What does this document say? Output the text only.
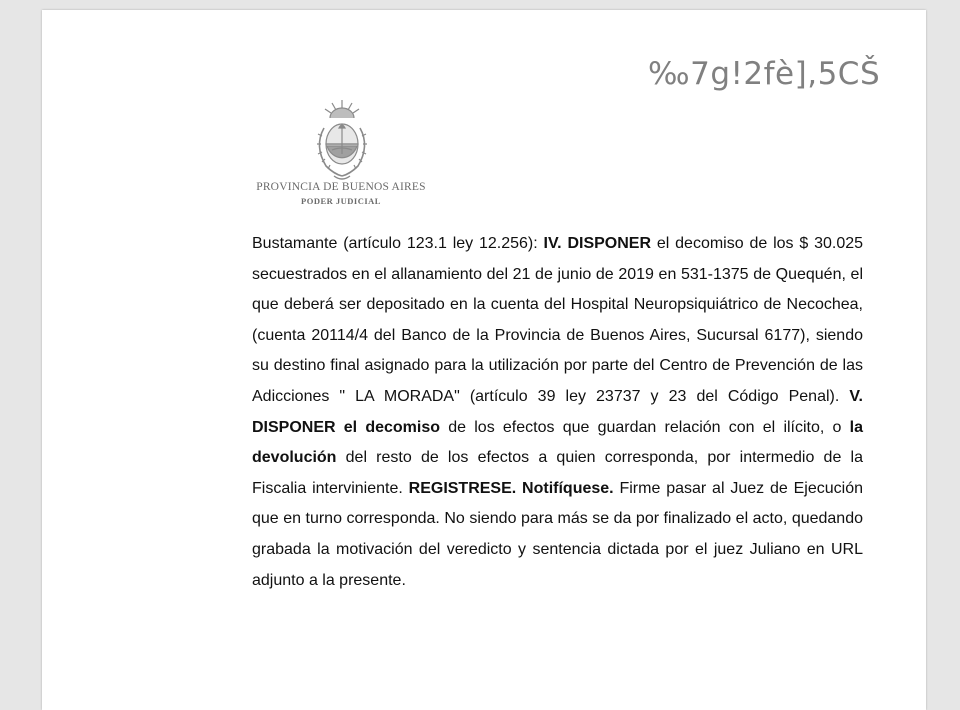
‰7g!2fè],5CŠ
PROVINCIA DE BUENOS AIRES
PODER JUDICIAL

Bustamante (artículo 123.1 ley 12.256): IV. DISPONER el decomiso de los $ 30.025 secuestrados en el allanamiento del 21 de junio de 2019 en 531-1375 de Quequén, el que deberá ser depositado en la cuenta del Hospital Neuropsiquiátrico de Necochea, (cuenta 20114/4 del Banco de la Provincia de Buenos Aires, Sucursal 6177), siendo su destino final asignado para la utilización por parte del Centro de Prevención de las Adicciones " LA MORADA" (artículo 39 ley 23737 y 23 del Código Penal). V. DISPONER el decomiso de los efectos que guardan relación con el ilícito, o la devolución del resto de los efectos a quien corresponda, por intermedio de la Fiscalia interviniente. REGISTRESE. Notifíquese. Firme pasar al Juez de Ejecución que en turno corresponda. No siendo para más se da por finalizado el acto, quedando grabada la motivación del veredicto y sentencia dictada por el juez Juliano en URL adjunto a la presente.
